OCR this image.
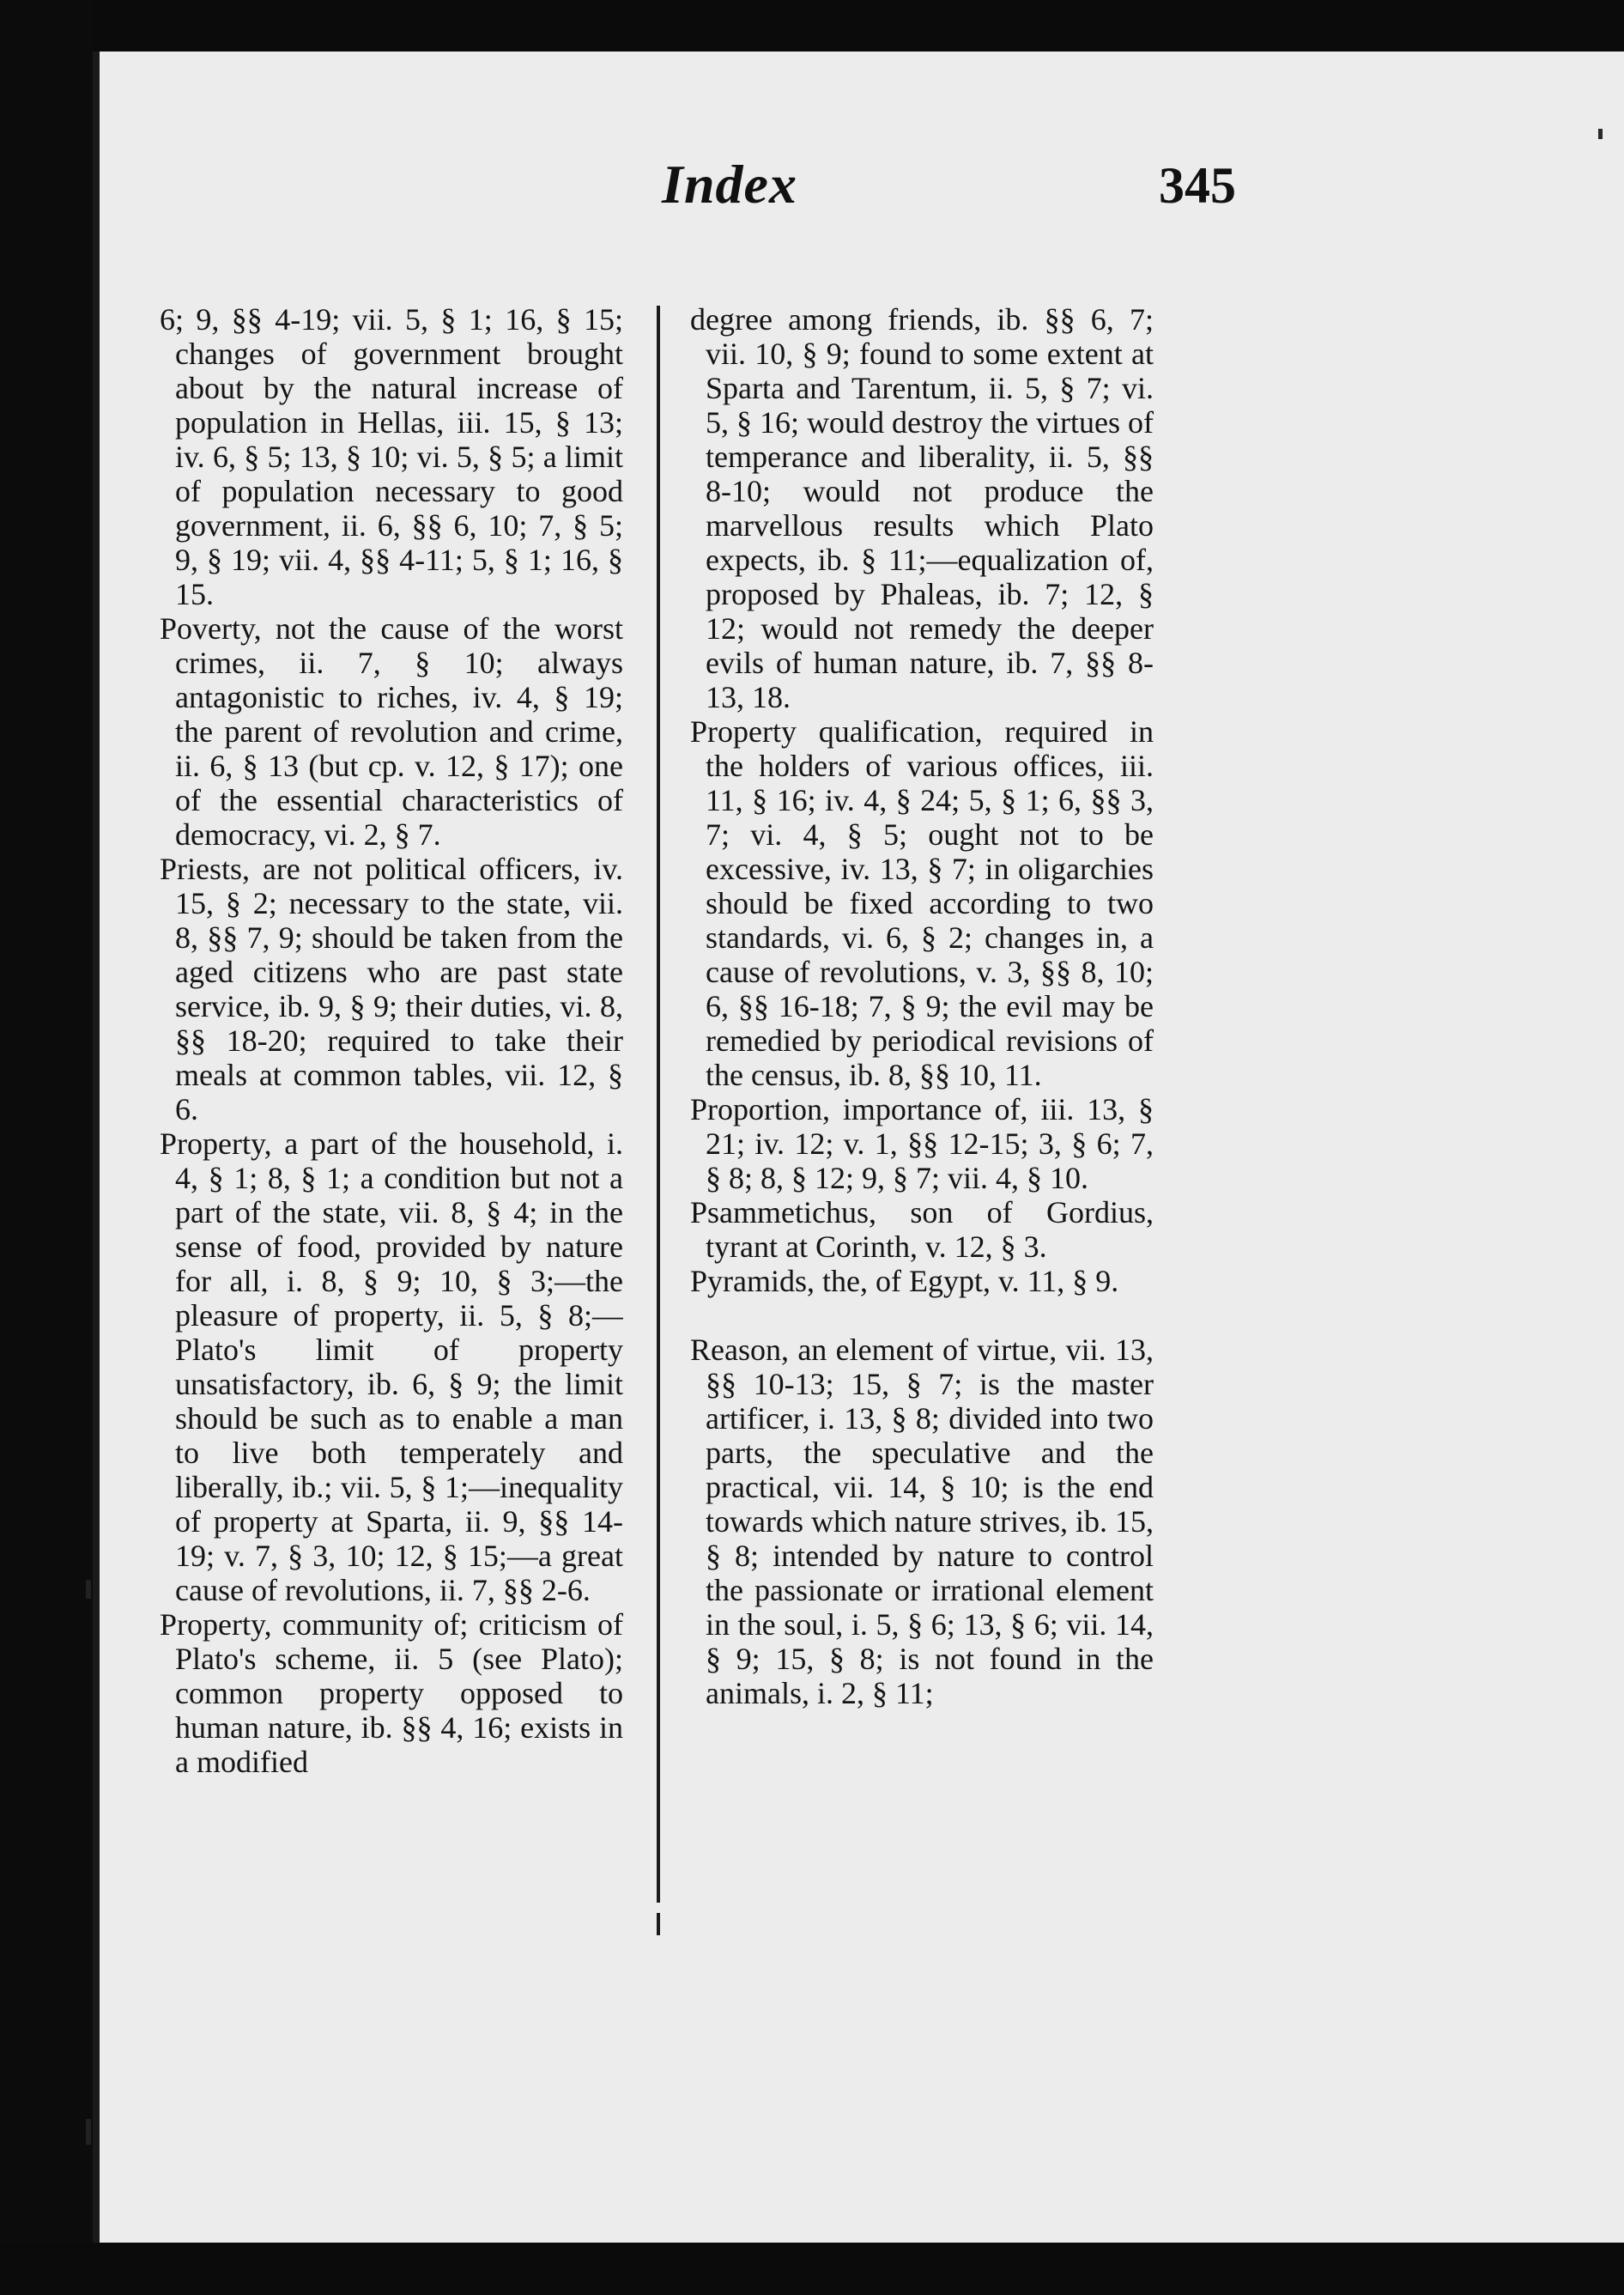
Index	345

6; 9, §§ 4-19; vii. 5, § 1; 16, § 15; changes of government brought about by the natural increase of population in Hellas, iii. 15, § 13; iv. 6, § 5; 13, § 10; vi. 5, § 5; a limit of population necessary to good government, ii. 6, §§ 6, 10; 7, § 5; 9, § 19; vii. 4, §§ 4-11; 5, § 1; 16, § 15.

Poverty, not the cause of the worst crimes, ii. 7, § 10; always antagonistic to riches, iv. 4, § 19; the parent of revolution and crime, ii. 6, § 13 (but cp. v. 12, § 17); one of the essential characteristics of democracy, vi. 2, § 7.

Priests, are not political officers, iv. 15, § 2; necessary to the state, vii. 8, §§ 7, 9; should be taken from the aged citizens who are past state service, ib. 9, § 9; their duties, vi. 8, §§ 18-20; required to take their meals at common tables, vii. 12, § 6.

Property, a part of the household, i. 4, § 1; 8, § 1; a condition but not a part of the state, vii. 8, § 4; in the sense of food, provided by nature for all, i. 8, § 9; 10, § 3;—the pleasure of property, ii. 5, § 8;—Plato's limit of property unsatisfactory, ib. 6, § 9; the limit should be such as to enable a man to live both temperately and liberally, ib.; vii. 5, § 1;—inequality of property at Sparta, ii. 9, §§ 14-19; v. 7, § 3, 10; 12, § 15;—a great cause of revolutions, ii. 7, §§ 2-6.

Property, community of; criticism of Plato's scheme, ii. 5 (see Plato); common property opposed to human nature, ib. §§ 4, 16; exists in a modified

degree among friends, ib. §§ 6, 7; vii. 10, § 9; found to some extent at Sparta and Tarentum, ii. 5, § 7; vi. 5, § 16; would destroy the virtues of temperance and liberality, ii. 5, §§ 8-10; would not produce the marvellous results which Plato expects, ib. § 11;—equalization of, proposed by Phaleas, ib. 7; 12, § 12; would not remedy the deeper evils of human nature, ib. 7, §§ 8-13, 18.

Property qualification, required in the holders of various offices, iii. 11, § 16; iv. 4, § 24; 5, § 1; 6, §§ 3, 7; vi. 4, § 5; ought not to be excessive, iv. 13, § 7; in oligarchies should be fixed according to two standards, vi. 6, § 2; changes in, a cause of revolutions, v. 3, §§ 8, 10; 6, §§ 16-18; 7, § 9; the evil may be remedied by periodical revisions of the census, ib. 8, §§ 10, 11.

Proportion, importance of, iii. 13, § 21; iv. 12; v. 1, §§ 12-15; 3, § 6; 7, § 8; 8, § 12; 9, § 7; vii. 4, § 10.

Psammetichus, son of Gordius, tyrant at Corinth, v. 12, § 3.

Pyramids, the, of Egypt, v. 11, § 9.

Reason, an element of virtue, vii. 13, §§ 10-13; 15, § 7; is the master artificer, i. 13, § 8; divided into two parts, the speculative and the practical, vii. 14, § 10; is the end towards which nature strives, ib. 15, § 8; intended by nature to control the passionate or irrational element in the soul, i. 5, § 6; 13, § 6; vii. 14, § 9; 15, § 8; is not found in the animals, i. 2, § 11;
